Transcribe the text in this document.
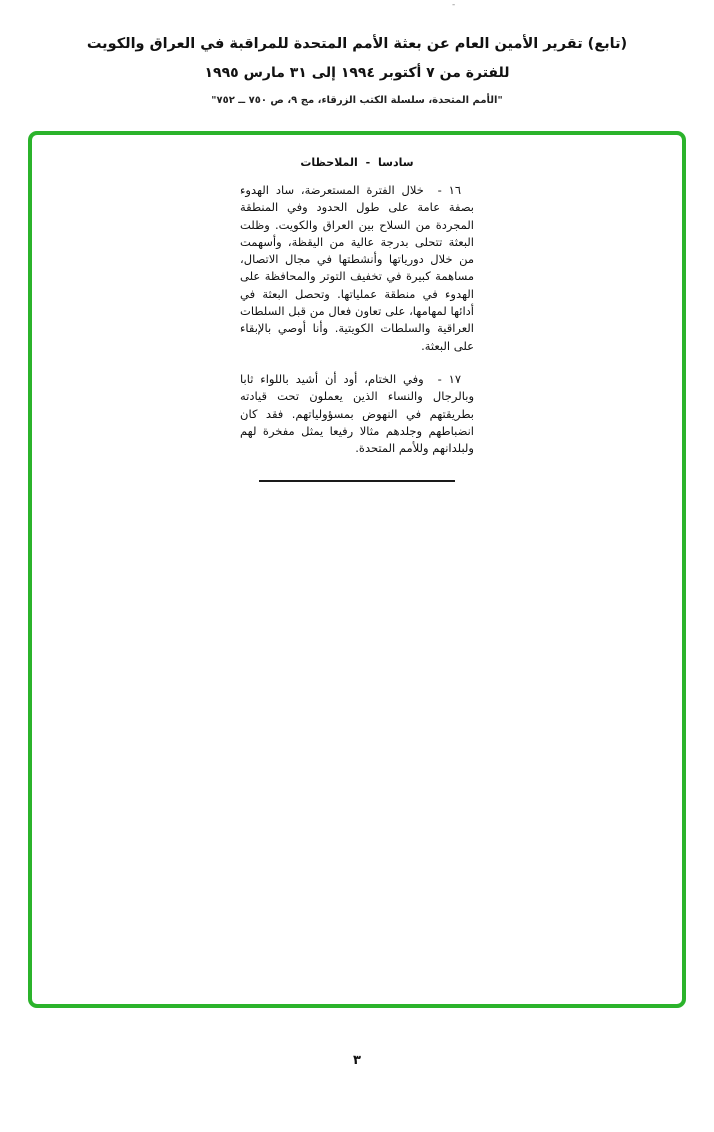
-
(تابع) تقرير الأمين العام عن بعثة الأمم المتحدة للمراقبة في العراق والكويت
للفترة من ٧ أكتوبر ١٩٩٤ إلى ٣١ مارس ١٩٩٥
"الأمم المتحدة، سلسلة الكتب الزرقاء، مج ٩، ص ٧٥٠ ــ ٧٥٢"
سادسا - الملاحظات

١٦ - خلال الفترة المستعرضة، ساد الهدوء بصفة عامة على طول الحدود وفي المنطقة المجردة من السلاح بين العراق والكويت. وظلت البعثة تتحلى بدرجة عالية من اليقظة، وأسهمت من خلال دورياتها وأنشطتها في مجال الاتصال، مساهمة كبيرة في تخفيف التوتر والمحافظة على الهدوء في منطقة عملياتها. وتحصل البعثة في أدائها لمهامها، على تعاون فعال من قبل السلطات العراقية والسلطات الكويتية. وأنا أوصي بالإبقاء على البعثة.

١٧ - وفي الختام، أود أن أشيد باللواء ثابا وبالرجال والنساء الذين يعملون تحت قيادته بطريقتهم في النهوض بمسؤولياتهم. فقد كان انضباطهم وجلدهم مثالا رفيعا يمثل مفخرة لهم ولبلدانهم وللأمم المتحدة.

٣
